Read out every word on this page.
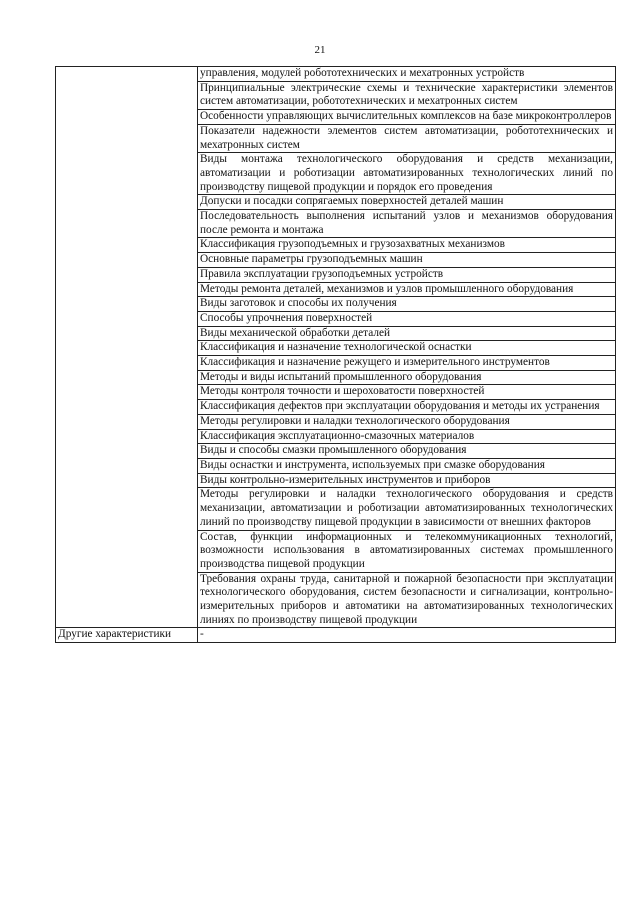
21
	управления, модулей робототехнических и мехатронных устройств
	Принципиальные электрические схемы и технические характеристики элементов систем автоматизации, робототехнических и мехатронных систем
	Особенности управляющих вычислительных комплексов на базе микроконтроллеров
	Показатели надежности элементов систем автоматизации, робототехнических и мехатронных систем
	Виды монтажа технологического оборудования и средств механизации, автоматизации и роботизации автоматизированных технологических линий по производству пищевой продукции и порядок его проведения
	Допуски и посадки сопрягаемых поверхностей деталей машин
	Последовательность выполнения испытаний узлов и механизмов оборудования после ремонта и монтажа
	Классификация грузоподъемных и грузозахватных механизмов
	Основные параметры грузоподъемных машин
	Правила эксплуатации грузоподъемных устройств
	Методы ремонта деталей, механизмов и узлов промышленного оборудования
	Виды заготовок и способы их получения
	Способы упрочнения поверхностей
	Виды механической обработки деталей
	Классификация и назначение технологической оснастки
	Классификация и назначение режущего и измерительного инструментов
	Методы и виды испытаний промышленного оборудования
	Методы контроля точности и шероховатости поверхностей
	Классификация дефектов при эксплуатации оборудования и методы их устранения
	Методы регулировки и наладки технологического оборудования
	Классификация эксплуатационно-смазочных материалов
	Виды и способы смазки промышленного оборудования
	Виды оснастки и инструмента, используемых при смазке оборудования
	Виды контрольно-измерительных инструментов и приборов
	Методы регулировки и наладки технологического оборудования и средств механизации, автоматизации и роботизации автоматизированных технологических линий по производству пищевой продукции в зависимости от внешних факторов
	Состав, функции информационных и телекоммуникационных технологий, возможности использования в автоматизированных системах промышленного производства пищевой продукции
	Требования охраны труда, санитарной и пожарной безопасности при эксплуатации технологического оборудования, систем безопасности и сигнализации, контрольно-измерительных приборов и автоматики на автоматизированных технологических линиях по производству пищевой продукции
Другие характеристики	-
